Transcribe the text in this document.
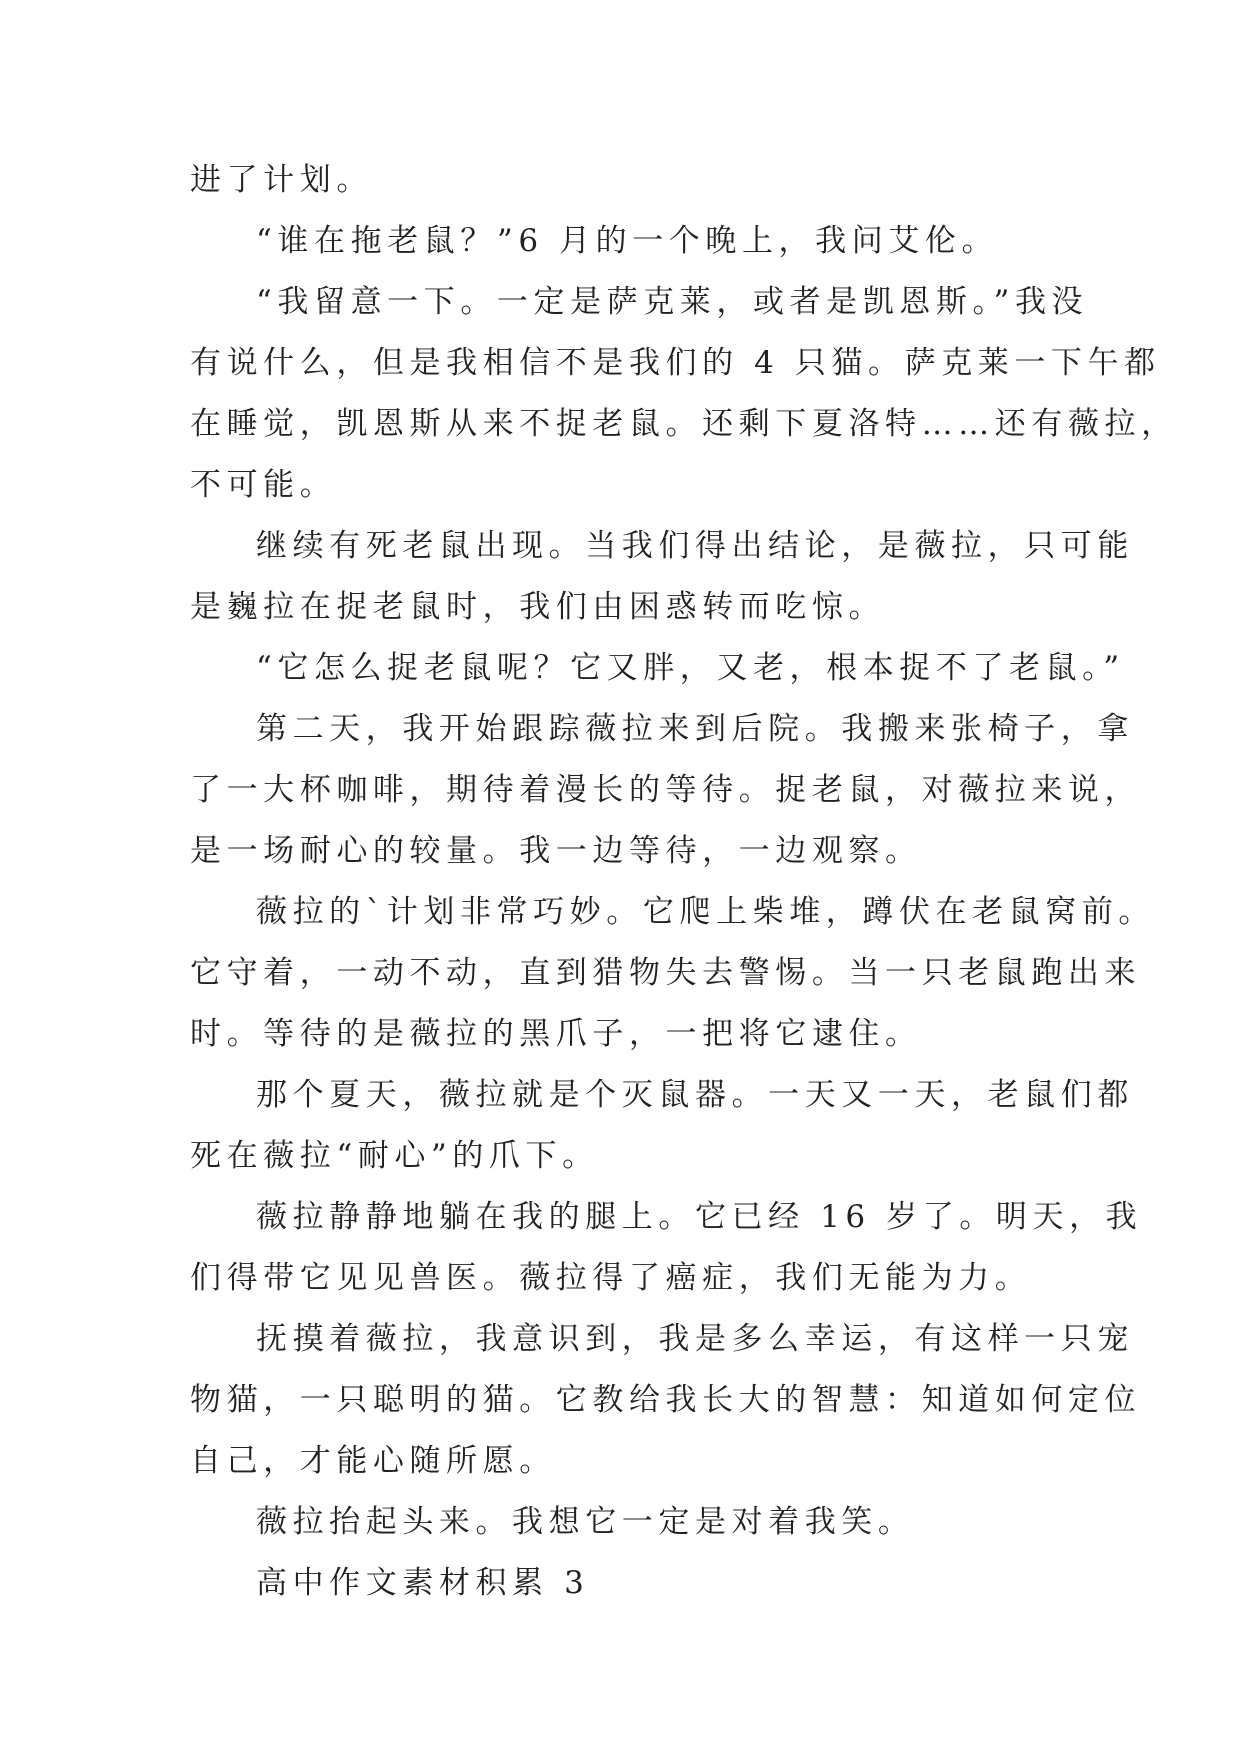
进了计划。

“谁在拖老鼠？”6 月的一个晚上，我问艾伦。

“我留意一下。一定是萨克莱，或者是凯恩斯。”我没

有说什么，但是我相信不是我们的 4 只猫。萨克莱一下午都

在睡觉，凯恩斯从来不捉老鼠。还剩下夏洛特……还有薇拉，

不可能。

继续有死老鼠出现。当我们得出结论，是薇拉，只可能

是巍拉在捉老鼠时，我们由困惑转而吃惊。

“它怎么捉老鼠呢？它又胖，又老，根本捉不了老鼠。”

第二天，我开始跟踪薇拉来到后院。我搬来张椅子，拿

了一大杯咖啡，期待着漫长的等待。捉老鼠，对薇拉来说，

是一场耐心的较量。我一边等待，一边观察。

薇拉的`计划非常巧妙。它爬上柴堆，蹲伏在老鼠窝前。

它守着，一动不动，直到猎物失去警惕。当一只老鼠跑出来

时。等待的是薇拉的黑爪子，一把将它逮住。

那个夏天，薇拉就是个灭鼠器。一天又一天，老鼠们都

死在薇拉“耐心”的爪下。

薇拉静静地躺在我的腿上。它已经 16 岁了。明天，我

们得带它见见兽医。薇拉得了癌症，我们无能为力。

抚摸着薇拉，我意识到，我是多么幸运，有这样一只宠

物猫，一只聪明的猫。它教给我长大的智慧：知道如何定位

自己，才能心随所愿。

薇拉抬起头来。我想它一定是对着我笑。

高中作文素材积累 3
